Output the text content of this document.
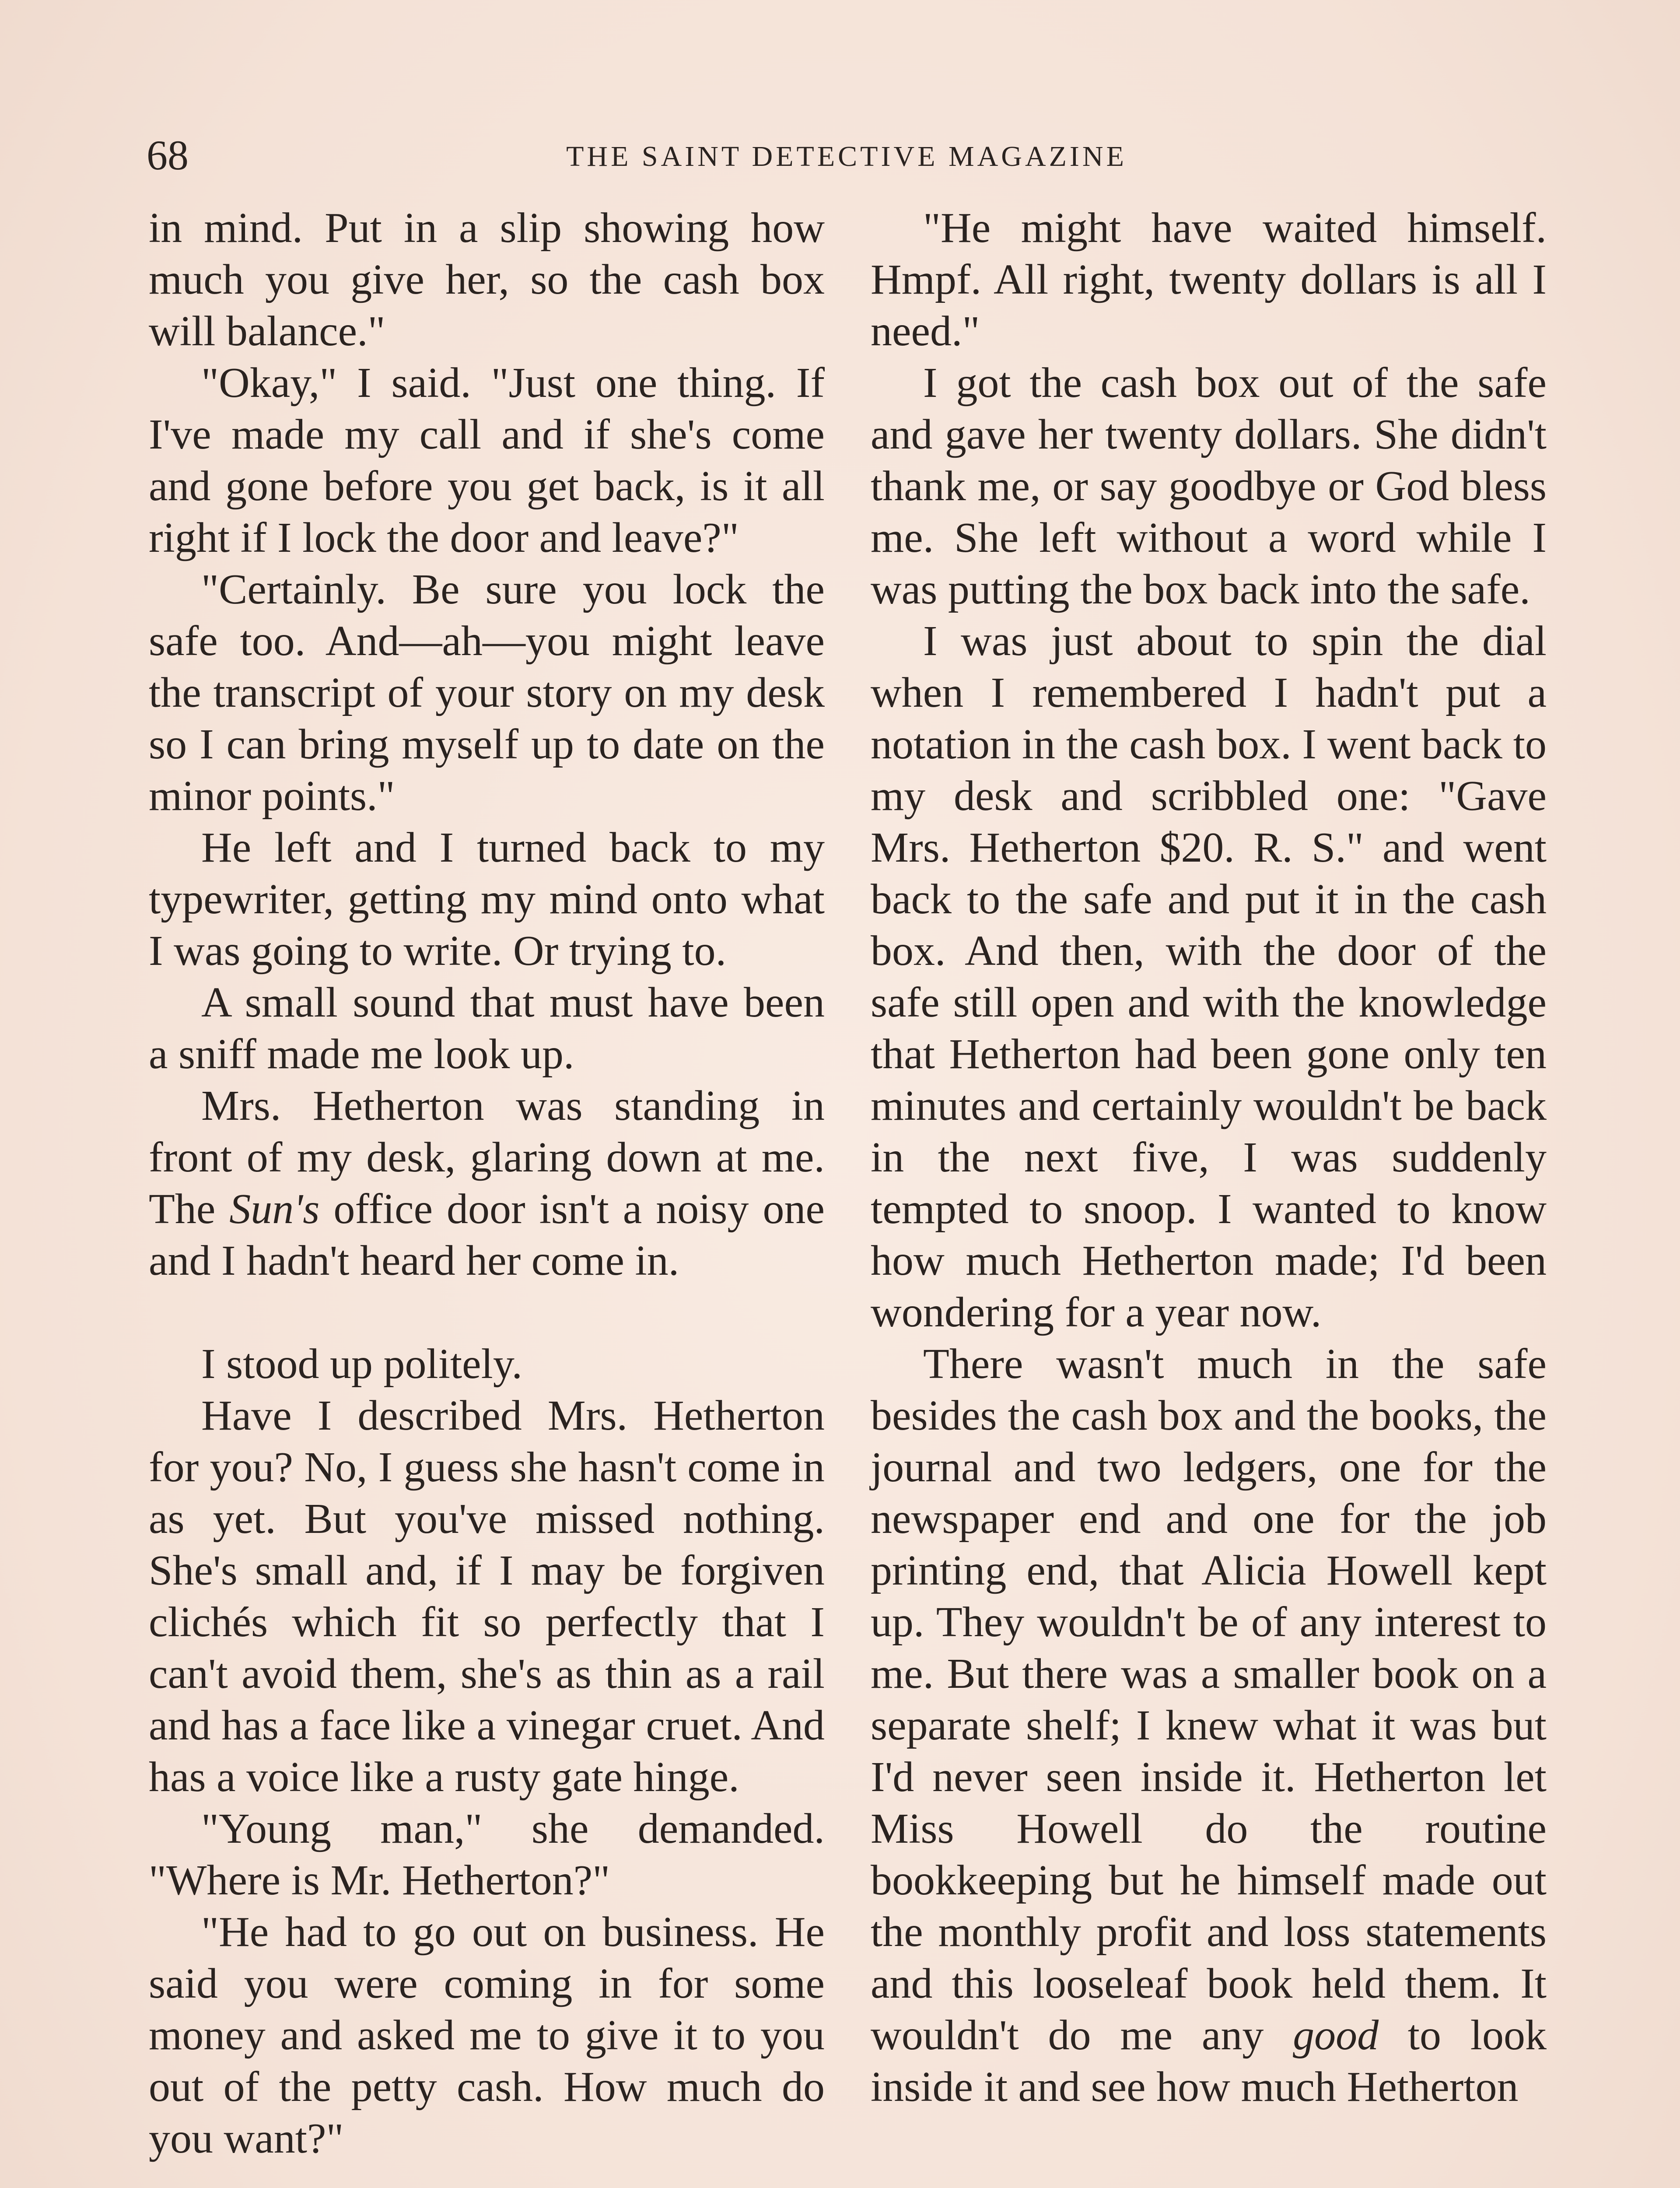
68	THE SAINT DETECTIVE MAGAZINE

in mind. Put in a slip showing how much you give her, so the cash box will balance."

"Okay," I said. "Just one thing. If I've made my call and if she's come and gone before you get back, is it all right if I lock the door and leave?"

"Certainly. Be sure you lock the safe too. And—ah—you might leave the transcript of your story on my desk so I can bring myself up to date on the minor points."

He left and I turned back to my typewriter, getting my mind onto what I was going to write. Or trying to.

A small sound that must have been a sniff made me look up.

Mrs. Hetherton was standing in front of my desk, glaring down at me. The Sun's office door isn't a noisy one and I hadn't heard her come in.

I stood up politely.

Have I described Mrs. Hetherton for you? No, I guess she hasn't come in as yet. But you've missed nothing. She's small and, if I may be forgiven clichés which fit so perfectly that I can't avoid them, she's as thin as a rail and has a face like a vinegar cruet. And has a voice like a rusty gate hinge.

"Young man," she demanded. "Where is Mr. Hetherton?"

"He had to go out on business. He said you were coming in for some money and asked me to give it to you out of the petty cash. How much do you want?"

"He might have waited himself. Hmpf. All right, twenty dollars is all I need."

I got the cash box out of the safe and gave her twenty dollars. She didn't thank me, or say goodbye or God bless me. She left without a word while I was putting the box back into the safe.

I was just about to spin the dial when I remembered I hadn't put a notation in the cash box. I went back to my desk and scribbled one: "Gave Mrs. Hetherton $20. R. S." and went back to the safe and put it in the cash box. And then, with the door of the safe still open and with the knowledge that Hetherton had been gone only ten minutes and certainly wouldn't be back in the next five, I was suddenly tempted to snoop. I wanted to know how much Hetherton made; I'd been wondering for a year now.

There wasn't much in the safe besides the cash box and the books, the journal and two ledgers, one for the newspaper end and one for the job printing end, that Alicia Howell kept up. They wouldn't be of any interest to me. But there was a smaller book on a separate shelf; I knew what it was but I'd never seen inside it. Hetherton let Miss Howell do the routine bookkeeping but he himself made out the monthly profit and loss statements and this looseleaf book held them. It wouldn't do me any good to look inside it and see how much Hetherton
